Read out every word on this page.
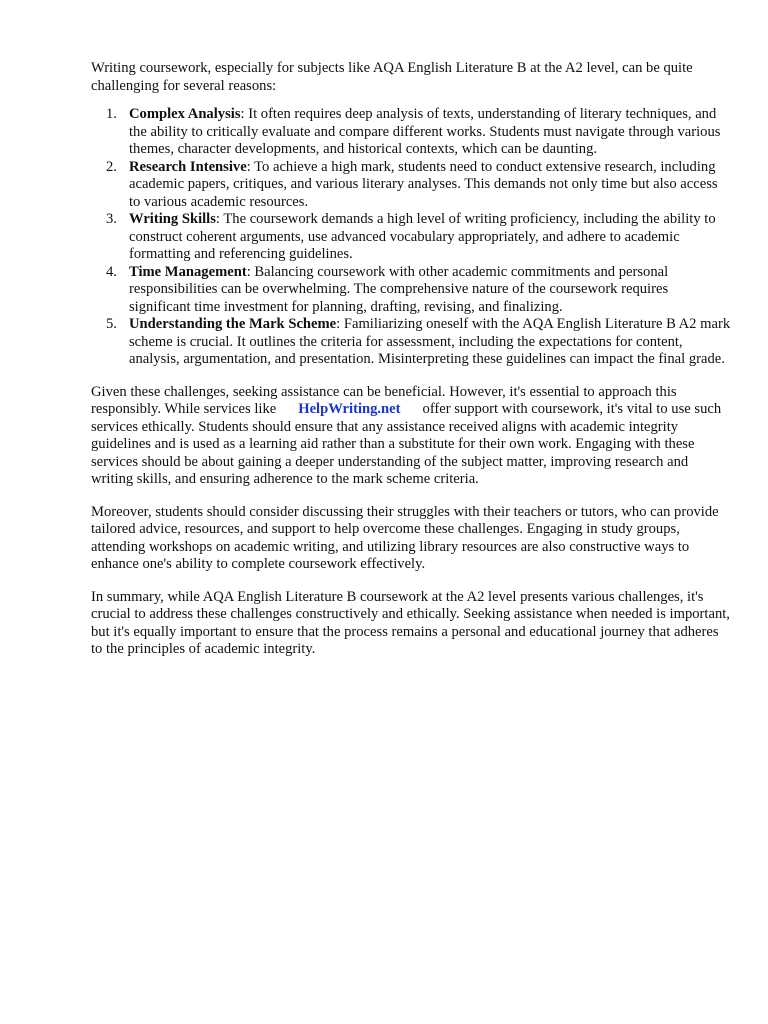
Writing coursework, especially for subjects like AQA English Literature B at the A2 level, can be quite challenging for several reasons:

1. Complex Analysis: It often requires deep analysis of texts, understanding of literary techniques, and the ability to critically evaluate and compare different works. Students must navigate through various themes, character developments, and historical contexts, which can be daunting.
2. Research Intensive: To achieve a high mark, students need to conduct extensive research, including academic papers, critiques, and various literary analyses. This demands not only time but also access to various academic resources.
3. Writing Skills: The coursework demands a high level of writing proficiency, including the ability to construct coherent arguments, use advanced vocabulary appropriately, and adhere to academic formatting and referencing guidelines.
4. Time Management: Balancing coursework with other academic commitments and personal responsibilities can be overwhelming. The comprehensive nature of the coursework requires significant time investment for planning, drafting, revising, and finalizing.
5. Understanding the Mark Scheme: Familiarizing oneself with the AQA English Literature B A2 mark scheme is crucial. It outlines the criteria for assessment, including the expectations for content, analysis, argumentation, and presentation. Misinterpreting these guidelines can impact the final grade.

Given these challenges, seeking assistance can be beneficial. However, it's essential to approach this responsibly. While services like HelpWriting.net offer support with coursework, it's vital to use such services ethically. Students should ensure that any assistance received aligns with academic integrity guidelines and is used as a learning aid rather than a substitute for their own work. Engaging with these services should be about gaining a deeper understanding of the subject matter, improving research and writing skills, and ensuring adherence to the mark scheme criteria.

Moreover, students should consider discussing their struggles with their teachers or tutors, who can provide tailored advice, resources, and support to help overcome these challenges. Engaging in study groups, attending workshops on academic writing, and utilizing library resources are also constructive ways to enhance one's ability to complete coursework effectively.

In summary, while AQA English Literature B coursework at the A2 level presents various challenges, it's crucial to address these challenges constructively and ethically. Seeking assistance when needed is important, but it's equally important to ensure that the process remains a personal and educational journey that adheres to the principles of academic integrity.
